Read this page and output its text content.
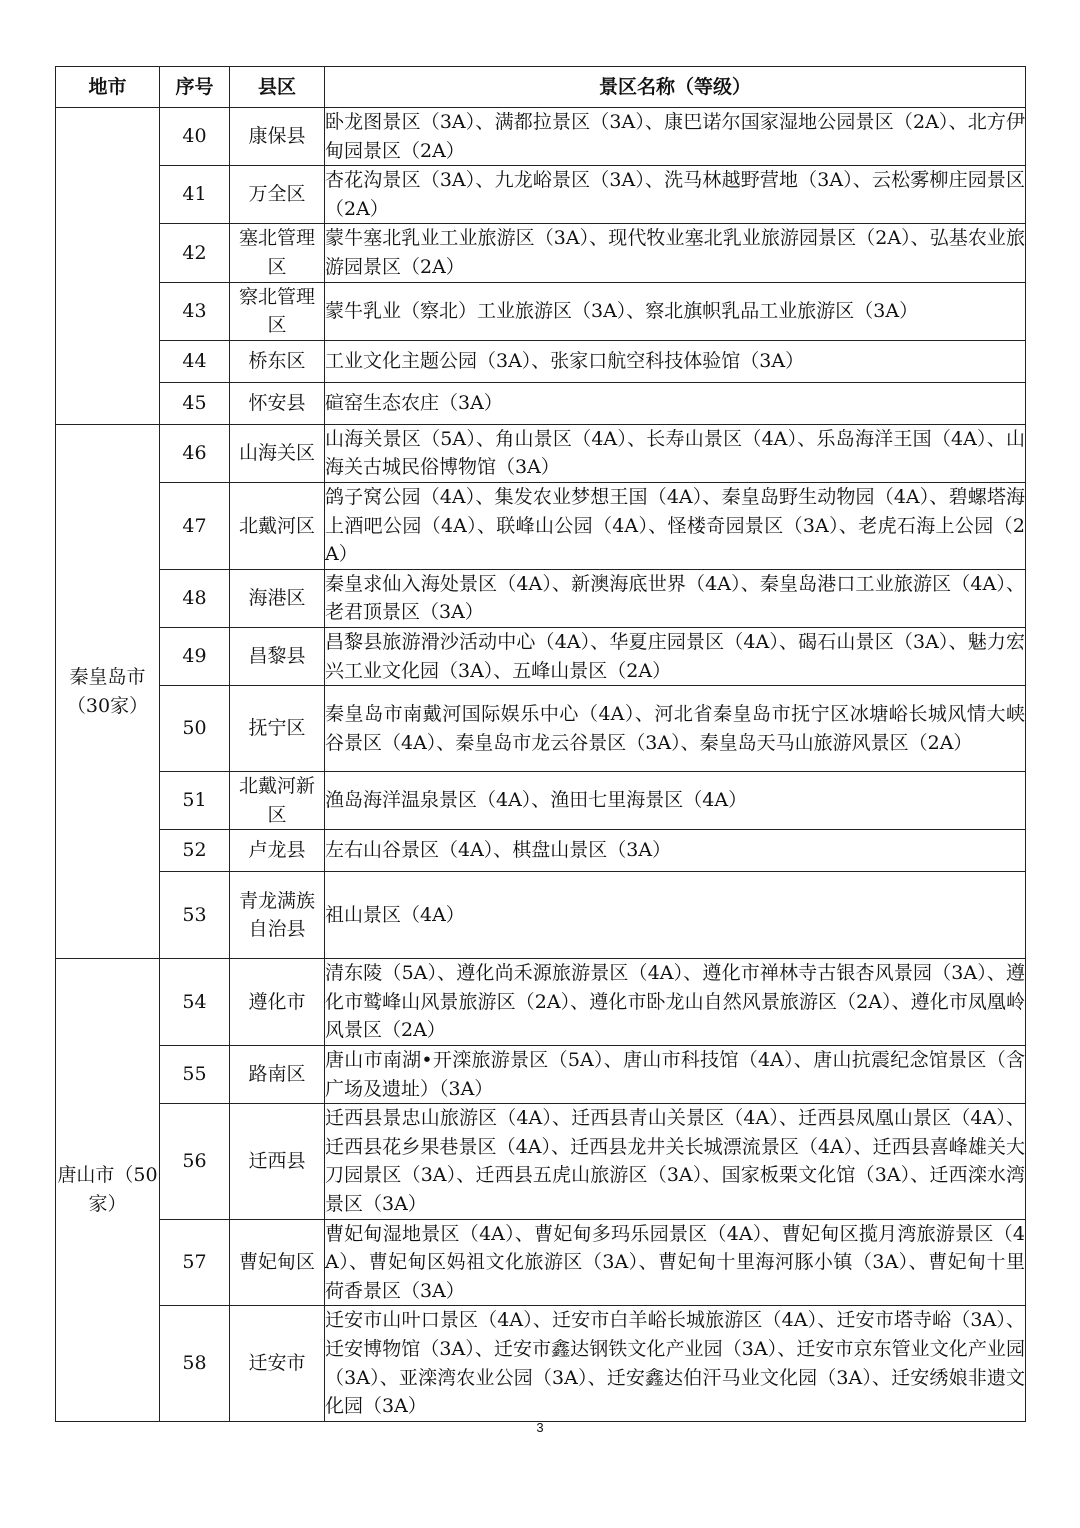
地市	序号	县区	景区名称（等级）
	40	康保县	卧龙图景区（3A）、满都拉景区（3A）、康巴诺尔国家湿地公园景区（2A）、北方伊甸园景区（2A）
	41	万全区	杏花沟景区（3A）、九龙峪景区（3A）、洗马林越野营地（3A）、云松雾柳庄园景区（2A）
	42	塞北管理区	蒙牛塞北乳业工业旅游区（3A）、现代牧业塞北乳业旅游园景区（2A）、弘基农业旅游园景区（2A）
	43	察北管理区	蒙牛乳业（察北）工业旅游区（3A）、察北旗帜乳品工业旅游区（3A）
	44	桥东区	工业文化主题公园（3A）、张家口航空科技体验馆（3A）
	45	怀安县	碹窑生态农庄（3A）
秦皇岛市（30家）	46	山海关区	山海关景区（5A）、角山景区（4A）、长寿山景区（4A）、乐岛海洋王国（4A）、山海关古城民俗博物馆（3A）
	47	北戴河区	鸽子窝公园（4A）、集发农业梦想王国（4A）、秦皇岛野生动物园（4A）、碧螺塔海上酒吧公园（4A）、联峰山公园（4A）、怪楼奇园景区（3A）、老虎石海上公园（2A）
	48	海港区	秦皇求仙入海处景区（4A）、新澳海底世界（4A）、秦皇岛港口工业旅游区（4A）、老君顶景区（3A）
	49	昌黎县	昌黎县旅游滑沙活动中心（4A）、华夏庄园景区（4A）、碣石山景区（3A）、魅力宏兴工业文化园（3A）、五峰山景区（2A）
	50	抚宁区	秦皇岛市南戴河国际娱乐中心（4A）、河北省秦皇岛市抚宁区冰塘峪长城风情大峡谷景区（4A）、秦皇岛市龙云谷景区（3A）、秦皇岛天马山旅游风景区（2A）
	51	北戴河新区	渔岛海洋温泉景区（4A）、渔田七里海景区（4A）
	52	卢龙县	左右山谷景区（4A）、棋盘山景区（3A）
	53	青龙满族自治县	祖山景区（4A）
唐山市（50家）	54	遵化市	清东陵（5A）、遵化尚禾源旅游景区（4A）、遵化市禅林寺古银杏风景园（3A）、遵化市鹫峰山风景旅游区（2A）、遵化市卧龙山自然风景旅游区（2A）、遵化市凤凰岭风景区（2A）
	55	路南区	唐山市南湖•开滦旅游景区（5A）、唐山市科技馆（4A）、唐山抗震纪念馆景区（含广场及遗址）（3A）
	56	迁西县	迁西县景忠山旅游区（4A）、迁西县青山关景区（4A）、迁西县凤凰山景区（4A）、迁西县花乡果巷景区（4A）、迁西县龙井关长城漂流景区（4A）、迁西县喜峰雄关大刀园景区（3A）、迁西县五虎山旅游区（3A）、国家板栗文化馆（3A）、迁西滦水湾景区（3A）
	57	曹妃甸区	曹妃甸湿地景区（4A）、曹妃甸多玛乐园景区（4A）、曹妃甸区揽月湾旅游景区（4A）、曹妃甸区妈祖文化旅游区（3A）、曹妃甸十里海河豚小镇（3A）、曹妃甸十里荷香景区（3A）
	58	迁安市	迁安市山叶口景区（4A）、迁安市白羊峪长城旅游区（4A）、迁安市塔寺峪（3A）、迁安博物馆（3A）、迁安市鑫达钢铁文化产业园（3A）、迁安市京东管业文化产业园（3A）、亚滦湾农业公园（3A）、迁安鑫达伯汗马业文化园（3A）、迁安绣娘非遗文化园（3A）
3
